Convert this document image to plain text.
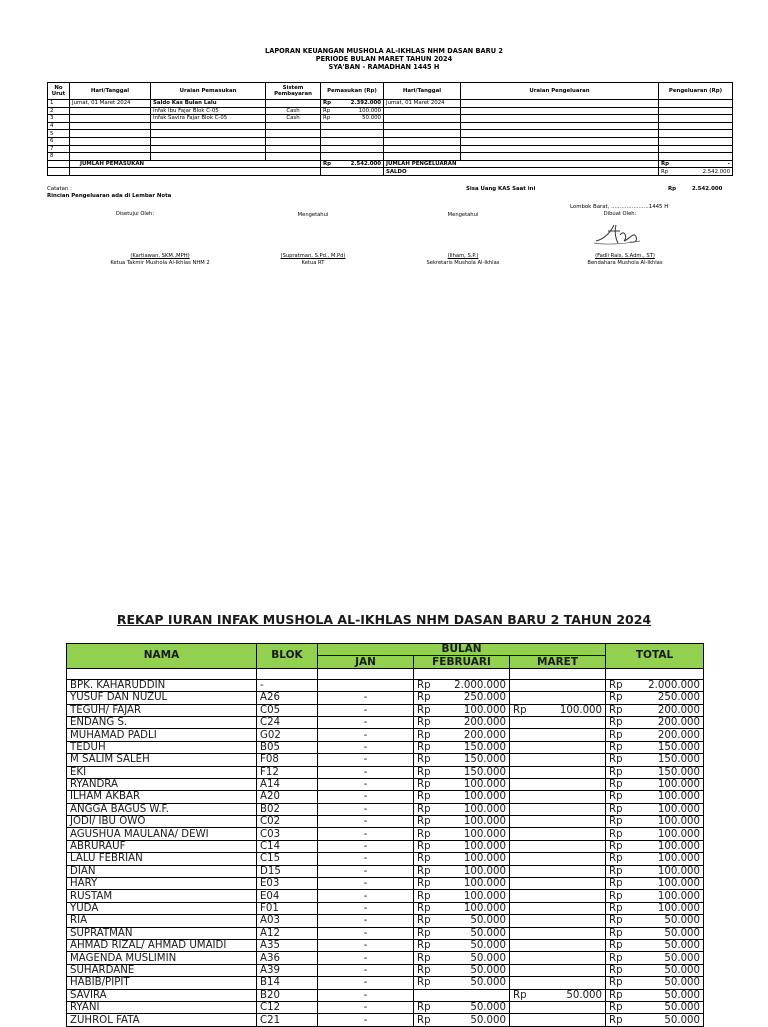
LAPORAN KEUANGAN MUSHOLA AL-IKHLAS NHM DASAN BARU 2
PERIODE BULAN MARET TAHUN 2024
SYA'BAN - RAMADHAN 1445 H
No Urut	Hari/Tanggal	Uraian Pemasukan	Sistem Pembayaran	Pemasukan (Rp)	Hari/Tanggal	Uraian Pengeluaran	Pengeluaran (Rp)
1	Jumat, 01 Maret 2024	Saldo Kas Bulan Lalu		Rp 2.392.000	Jumat, 01 Maret 2024		
2		Infak Ibu Fajar Blok C-05	Cash	Rp 100.000			

3		Infak Savira Fajar Blok C-05	Cash	Rp 50.000			

4				

5				

6				

7				

8				

	JUMLAH PEMASUKAN			Rp 2.542.000	JUMLAH PENGELUARAN		Rp -

					SALDO		Rp 2.542.000
Catatan :
Rincian Pengeluaran ada di Lembar Nota
Sisa Uang KAS Saat ini	Rp	2.542.000
Lombok Barat, ......................1445 H
Disetujui Oleh:	Mengetahui	Mengetahui	Dibuat Oleh:
(Kartiawan, SKM.,MPH)
Ketua Takmir Mushola Al-Ikhlas NHM 2
(Supratman, S.Pd., M.Pd)
Ketua RT
(Ilham, S.P.)
Sekretaris Mushola Al-Ikhlas
(Fadli Rais, S.Adm., ST)
Bendahara Mushola Al-Ikhlas
REKAP IURAN INFAK MUSHOLA AL-IKHLAS NHM DASAN BARU 2 TAHUN 2024
NAMA	BLOK	BULAN			TOTAL
		JAN	FEBRUARI	MARET	

BPK. KAHARUDDIN	-		Rp 2.000.000		Rp 2.000.000

YUSUF DAN NUZUL	A26	-	Rp 250.000		Rp 250.000

TEGUH/ FAJAR	C05	-	Rp 100.000	Rp 100.000	Rp 200.000

ENDANG S.	C24	-	Rp 200.000		Rp 200.000

MUHAMAD PADLI	G02	-	Rp 200.000		Rp 200.000

TEDUH	B05	-	Rp 150.000		Rp 150.000

M SALIM SALEH	F08	-	Rp 150.000		Rp 150.000

EKI	F12	-	Rp 150.000		Rp 150.000

RYANDRA	A14	-	Rp 100.000		Rp 100.000

ILHAM AKBAR	A20	-	Rp 100.000		Rp 100.000

ANGGA BAGUS W.F.	B02	-	Rp 100.000		Rp 100.000

JODI/ IBU OWO	C02	-	Rp 100.000		Rp 100.000

AGUSHUA MAULANA/ DEWI	C03	-	Rp 100.000		Rp 100.000

ABRURAUF	C14	-	Rp 100.000		Rp 100.000

LALU FEBRIAN	C15	-	Rp 100.000		Rp 100.000

DIAN	D15	-	Rp 100.000		Rp 100.000

HARY	E03	-	Rp 100.000		Rp 100.000

RUSTAM	E04	-	Rp 100.000		Rp 100.000

YUDA	F01	-	Rp 100.000		Rp 100.000

RIA	A03	-	Rp 50.000		Rp 50.000

SUPRATMAN	A12	-	Rp 50.000		Rp 50.000

AHMAD RIZAL/ AHMAD UMAIDI	A35	-	Rp 50.000		Rp 50.000

MAGENDA MUSLIMIN	A36	-	Rp 50.000		Rp 50.000

SUHARDANE	A39	-	Rp 50.000		Rp 50.000

HABIB/PIPIT	B14	-	Rp 50.000		Rp 50.000

SAVIRA	B20	-		Rp 50.000	Rp 50.000

RYANI	C12	-	Rp 50.000		Rp 50.000

ZUHROL FATA	C21	-	Rp 50.000		Rp 50.000
